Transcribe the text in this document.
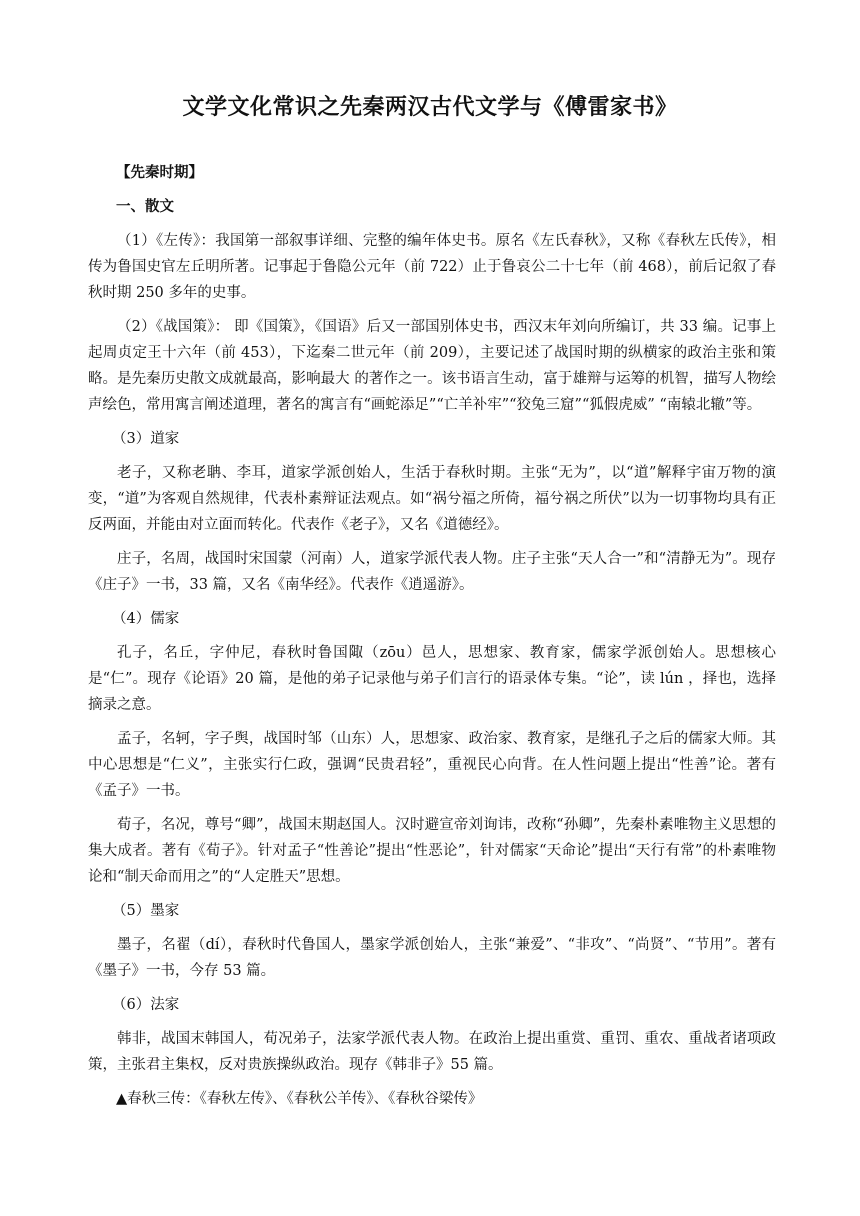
文学文化常识之先秦两汉古代文学与《傅雷家书》
【先秦时期】
一、散文

（1）《左传》：我国第一部叙事详细、完整的编年体史书。原名《左氏春秋》，又称《春秋左氏传》，相传为鲁国史官左丘明所著。记事起于鲁隐公元年（前 722）止于鲁哀公二十七年（前 468），前后记叙了春秋时期 250 多年的史事。

（2）《战国策》： 即《国策》，《国语》后又一部国别体史书，西汉末年刘向所编订，共 33 编。记事上起周贞定王十六年（前 453），下迄秦二世元年（前 209），主要记述了战国时期的纵横家的政治主张和策略。是先秦历史散文成就最高，影响最大 的著作之一。该书语言生动，富于雄辩与运筹的机智，描写人物绘声绘色，常用寓言阐述道理，著名的寓言有“画蛇添足”“亡羊补牢”“狡兔三窟”“狐假虎威” “南辕北辙”等。

（3）道家

老子，又称老聃、李耳，道家学派创始人，生活于春秋时期。主张“无为”，以“道”解释宇宙万物的演变，“道”为客观自然规律，代表朴素辩证法观点。如“祸兮福之所倚，福兮祸之所伏”以为一切事物均具有正反两面，并能由对立面而转化。代表作《老子》，又名《道德经》。

庄子，名周，战国时宋国蒙（河南）人，道家学派代表人物。庄子主张“天人合一”和“清静无为”。现存《庄子》一书，33 篇，又名《南华经》。代表作《逍遥游》。

（4）儒家

孔子，名丘，字仲尼，春秋时鲁国陬（zōu）邑人，思想家、教育家，儒家学派创始人。思想核心是“仁”。现存《论语》20 篇，是他的弟子记录他与弟子们言行的语录体专集。“论”，读 lún ，择也，选择摘录之意。

孟子，名轲，字子舆，战国时邹（山东）人，思想家、政治家、教育家，是继孔子之后的儒家大师。其中心思想是“仁义”，主张实行仁政，强调“民贵君轻”，重视民心向背。在人性问题上提出“性善”论。著有《孟子》一书。

荀子，名况，尊号“卿”，战国末期赵国人。汉时避宣帝刘询讳，改称“孙卿”，先秦朴素唯物主义思想的集大成者。著有《荀子》。针对孟子“性善论”提出“性恶论”，针对儒家“天命论”提出“天行有常”的朴素唯物论和“制天命而用之”的“人定胜天”思想。

（5）墨家

墨子，名翟（dí），春秋时代鲁国人，墨家学派创始人，主张“兼爱”、“非攻”、“尚贤”、“节用”。著有《墨子》一书，今存 53 篇。

（6）法家

韩非，战国末韩国人，荀况弟子，法家学派代表人物。在政治上提出重赏、重罚、重农、重战者诸项政策，主张君主集权，反对贵族操纵政治。现存《韩非子》55 篇。

▲春秋三传：《春秋左传》、《春秋公羊传》、《春秋谷梁传》
